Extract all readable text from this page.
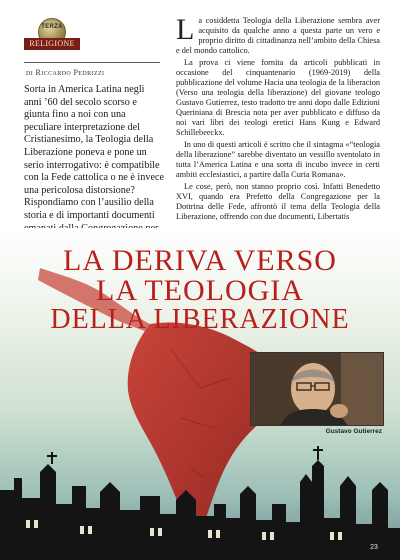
TERZA
RELIGIONE
di Riccardo Pedrizzi
Sorta in America Latina negli anni ’60 del secolo scorso e giunta fino a noi con una peculiare interpretazione del Cristianesimo, la Teologia della Liberazione poneva e pone un serio interrogativo: è compatibile con la Fede cattolica o ne è invece una pericolosa distorsione? Rispondiamo con l’ausilio della storia e di importanti documenti

La cosiddetta Teologia della Liberazione sembra aver acquisito da qualche anno a questa parte un vero e proprio diritto di cittadinanza nell’ambito della Chiesa e del mondo cattolico.

La prova ci viene fornita da articoli pubblicati in occasione del cinquantenario (1969-2019) della pubblicazione del volume Hacia una teologia de la liberacion (Verso una teologia della liberazione) del giovane teologo Gustavo Gutierrez, testo tradotto tre anni dopo dalle Edizioni Queriniana di Brescia nota per aver pubblicato e diffuso da noi vari libri dei teologi eretici Hans Kung e Edward Schillebeeckx.

In uno di questi articoli è scritto che il sintagma «“teologia della liberazione” sarebbe diventato un vessillo sventolato in tutta l’America Latina e una sorta di incubo invece in certi ambiti ecclesiastici, a partire dalla Curia Romana».

Le cose, però, non stanno proprio così. Infatti Benedetto XVI, quando era Prefetto della Congregazione per la Dottrina delle Fede, affrontò il tema della Teologia della Liberazione, offrendo con due documenti, Libertatis

LA DERIVA VERSO
LA TEOLOGIA
DELLA LIBERAZIONE
Gustavo Gutierrez
23
